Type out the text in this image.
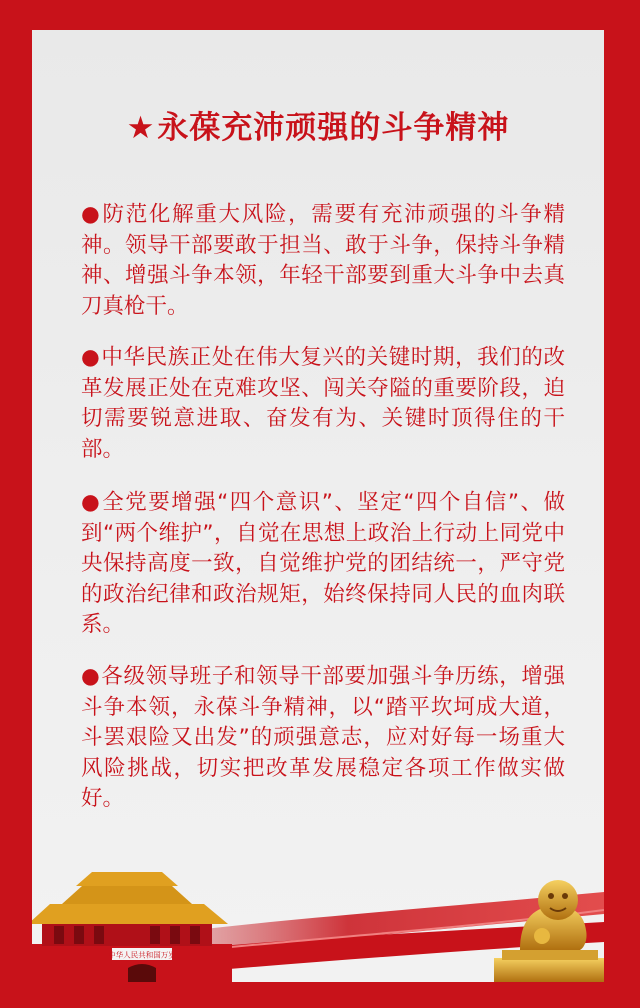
★永葆充沛顽强的斗争精神

●防范化解重大风险，需要有充沛顽强的斗争精神。领导干部要敢于担当、敢于斗争，保持斗争精神、增强斗争本领，年轻干部要到重大斗争中去真刀真枪干。

●中华民族正处在伟大复兴的关键时期，我们的改革发展正处在克难攻坚、闯关夺隘的重要阶段，迫切需要锐意进取、奋发有为、关键时顶得住的干部。

●全党要增强“四个意识”、坚定“四个自信”、做到“两个维护”，自觉在思想上政治上行动上同党中央保持高度一致，自觉维护党的团结统一，严守党的政治纪律和政治规矩，始终保持同人民的血肉联系。

●各级领导班子和领导干部要加强斗争历练，增强斗争本领，永葆斗争精神，以“踏平坎坷成大道，斗罢艰险又出发”的顽强意志，应对好每一场重大风险挑战，切实把改革发展稳定各项工作做实做好。

中华人民共和国万岁
